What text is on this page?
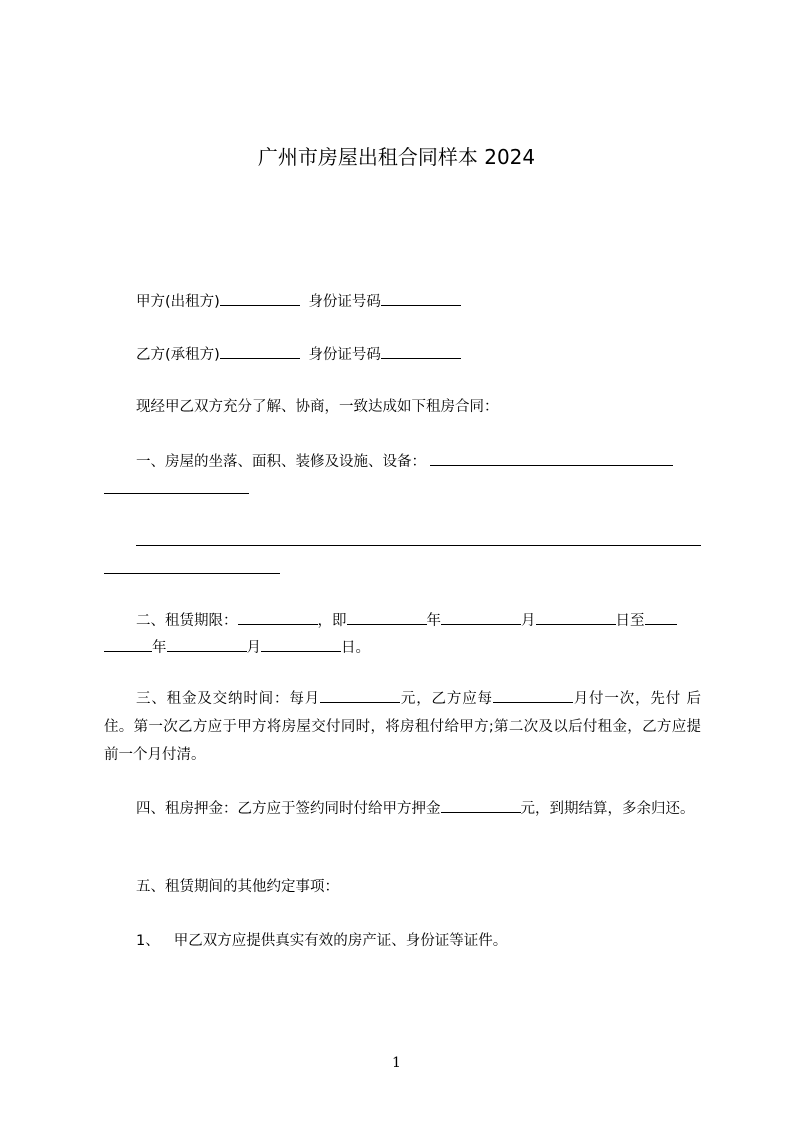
广州市房屋出租合同样本 2024
甲方(出租方)	身份证号码
乙方(承租方)	身份证号码
现经甲乙双方充分了解、协商，一致达成如下租房合同：
一、房屋的坐落、面积、装修及设施、设备：
二、租赁期限：	，即	年	月	日至
年	月	日。
三、租金及交纳时间：每月	元，乙方应每	月付一次，先付 后住。第一次乙方应于甲方将房屋交付同时，将房租付给甲方;第二次及以后付租金，乙方应提前一个月付清。
四、租房押金：乙方应于签约同时付给甲方押金	元，到期结算，多余归还。
五、租赁期间的其他约定事项：
1、 甲乙双方应提供真实有效的房产证、身份证等证件。
1
